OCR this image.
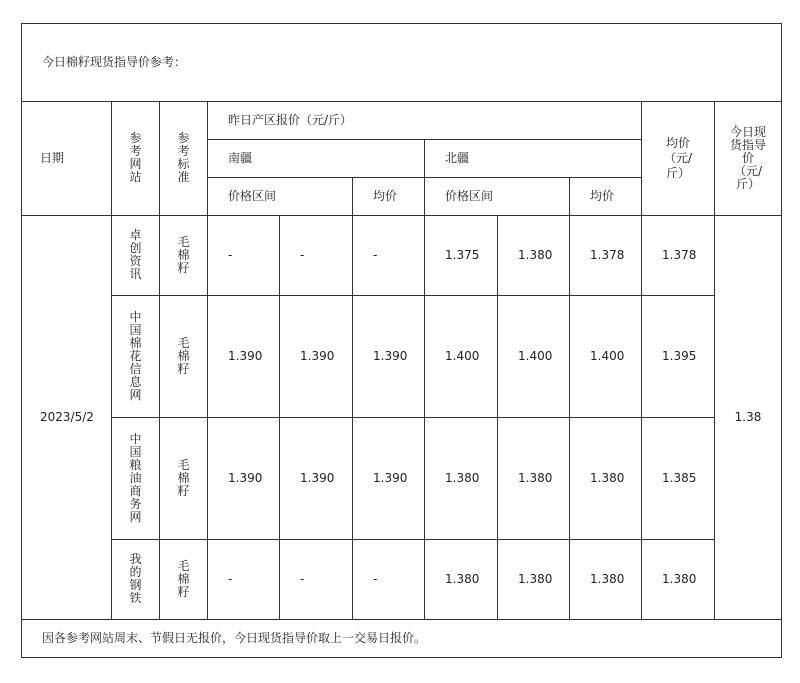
今日棉籽现货指导价参考：										
日期	参考网站	参考标准	昨日产区报价（元/斤）						均价（元/斤）	今日现货指导价（元/斤）
			南疆			北疆				
			价格区间		均价	价格区间		均价		
2023/5/2	卓创资讯	毛棉籽	-	-	-	1.375	1.380	1.378	1.378	1.38
	中国棉花信息网	毛棉籽	1.390	1.390	1.390	1.400	1.400	1.400	1.395	
	中国粮油商务网	毛棉籽	1.390	1.390	1.390	1.380	1.380	1.380	1.385	
	我的钢铁	毛棉籽	-	-	-	1.380	1.380	1.380	1.380	
因各参考网站周末、节假日无报价，今日现货指导价取上一交易日报价。										
